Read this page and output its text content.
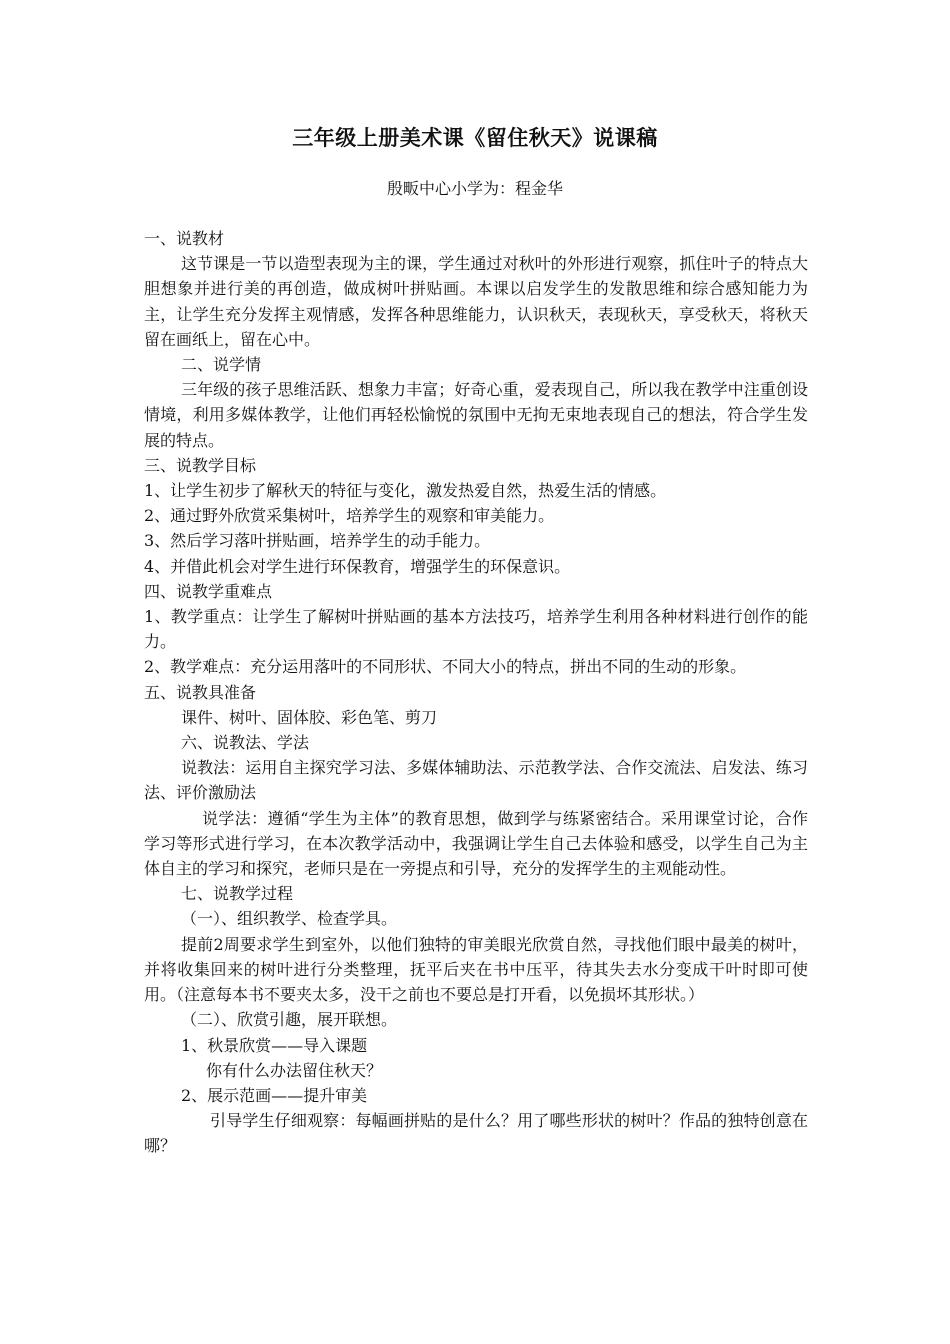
三年级上册美术课《留住秋天》说课稿
殷畈中心小学为：程金华

一、说教材

这节课是一节以造型表现为主的课，学生通过对秋叶的外形进行观察，抓住叶子的特点大胆想象并进行美的再创造，做成树叶拼贴画。本课以启发学生的发散思维和综合感知能力为主，让学生充分发挥主观情感，发挥各种思维能力，认识秋天，表现秋天，享受秋天，将秋天留在画纸上，留在心中。

二、说学情

三年级的孩子思维活跃、想象力丰富；好奇心重，爱表现自己，所以我在教学中注重创设情境，利用多媒体教学，让他们再轻松愉悦的氛围中无拘无束地表现自己的想法，符合学生发展的特点。

三、说教学目标

1、让学生初步了解秋天的特征与变化，激发热爱自然，热爱生活的情感。

2、通过野外欣赏采集树叶，培养学生的观察和审美能力。

3、然后学习落叶拼贴画，培养学生的动手能力。

4、并借此机会对学生进行环保教育，增强学生的环保意识。

四、说教学重难点

1、教学重点：让学生了解树叶拼贴画的基本方法技巧，培养学生利用各种材料进行创作的能力。

2、教学难点：充分运用落叶的不同形状、不同大小的特点，拼出不同的生动的形象。

五、说教具准备

课件、树叶、固体胶、彩色笔、剪刀

六、说教法、学法

说教法：运用自主探究学习法、多媒体辅助法、示范教学法、合作交流法、启发法、练习法、评价激励法

说学法：遵循“学生为主体”的教育思想，做到学与练紧密结合。采用课堂讨论，合作学习等形式进行学习，在本次教学活动中，我强调让学生自己去体验和感受，以学生自己为主体自主的学习和探究，老师只是在一旁提点和引导，充分的发挥学生的主观能动性。

七、说教学过程

（一）、组织教学、检查学具。

提前2周要求学生到室外，以他们独特的审美眼光欣赏自然，寻找他们眼中最美的树叶，并将收集回来的树叶进行分类整理，抚平后夹在书中压平，待其失去水分变成干叶时即可使用。（注意每本书不要夹太多，没干之前也不要总是打开看，以免损坏其形状。）

（二）、欣赏引趣，展开联想。

1、秋景欣赏——导入课题

你有什么办法留住秋天？

2、展示范画——提升审美

引导学生仔细观察：每幅画拼贴的是什么？用了哪些形状的树叶？作品的独特创意在哪？
